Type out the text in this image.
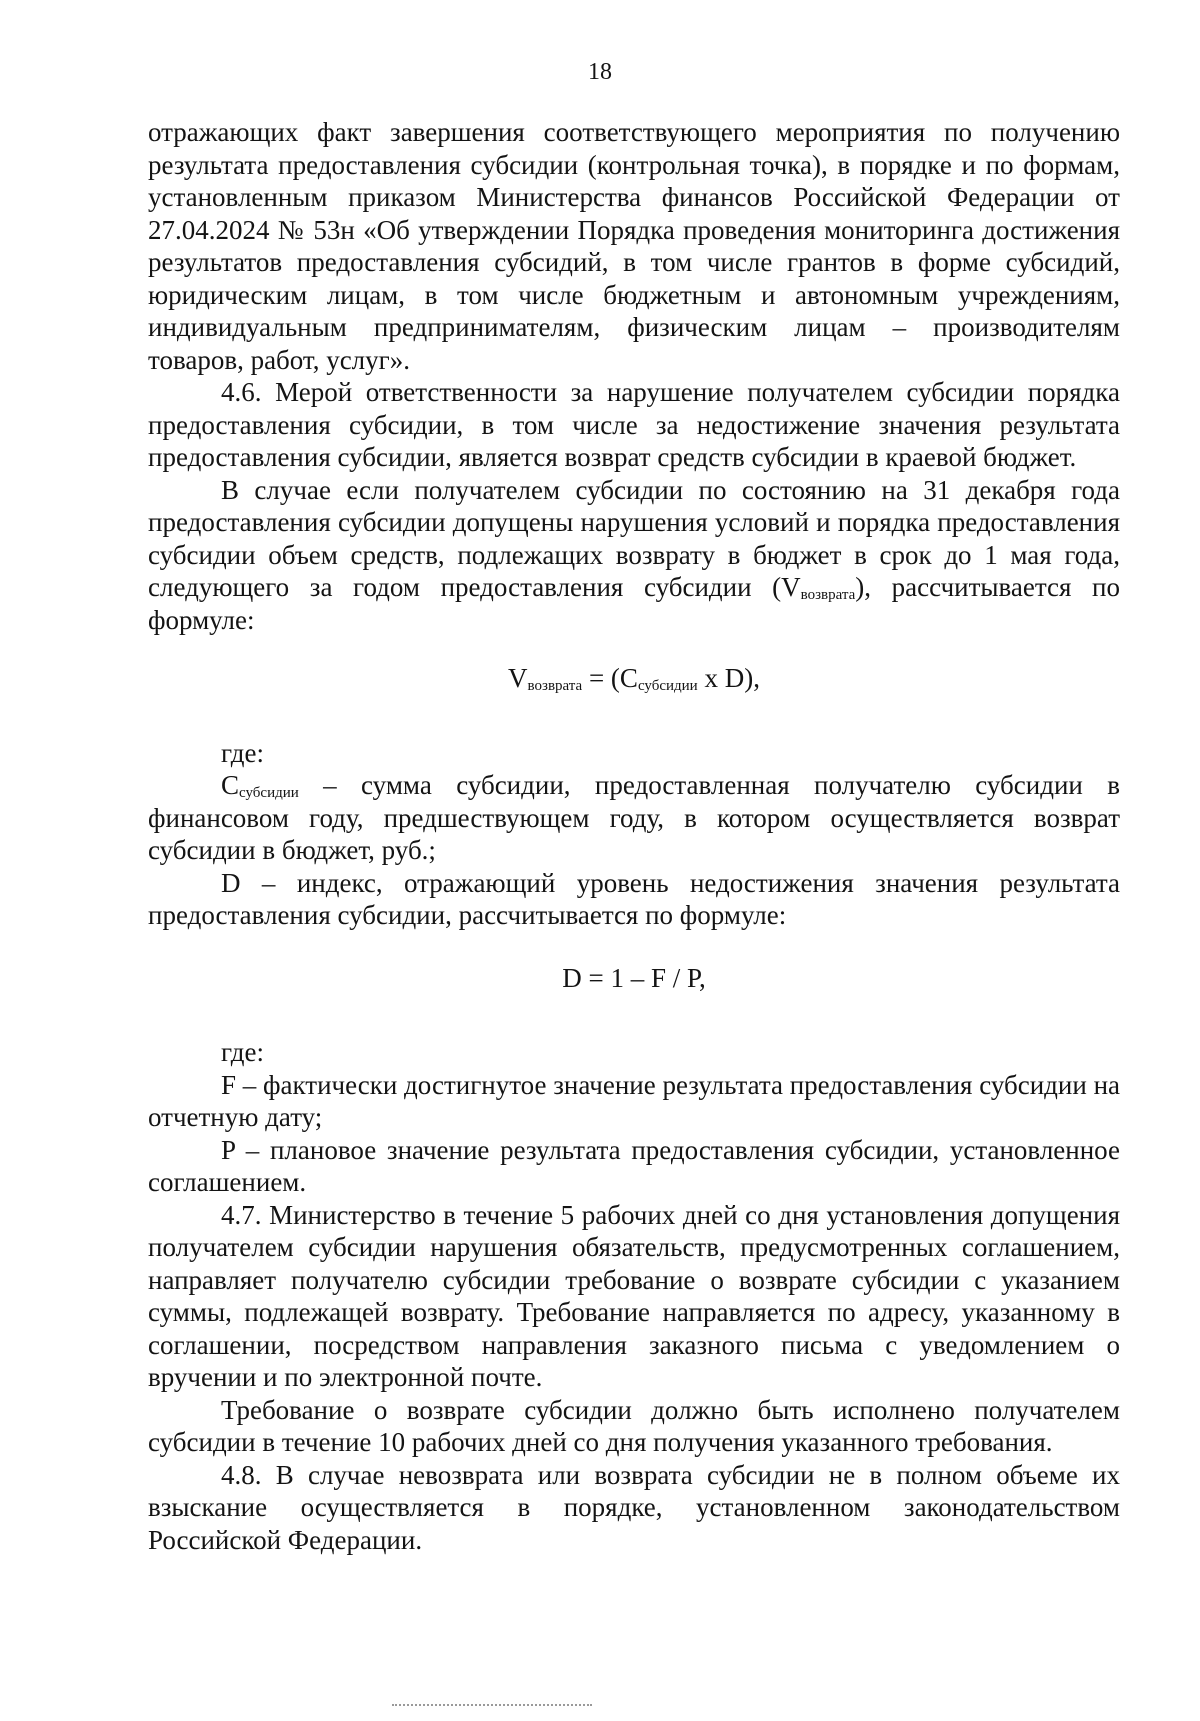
18

отражающих факт завершения соответствующего мероприятия по получению результата предоставления субсидии (контрольная точка), в порядке и по формам, установленным приказом Министерства финансов Российской Федерации от 27.04.2024 № 53н «Об утверждении Порядка проведения мониторинга достижения результатов предоставления субсидий, в том числе грантов в форме субсидий, юридическим лицам, в том числе бюджетным и автономным учреждениям, индивидуальным предпринимателям, физическим лицам – производителям товаров, работ, услуг».

4.6. Мерой ответственности за нарушение получателем субсидии порядка предоставления субсидии, в том числе за недостижение значения результата предоставления субсидии, является возврат средств субсидии в краевой бюджет.

В случае если получателем субсидии по состоянию на 31 декабря года предоставления субсидии допущены нарушения условий и порядка предоставления субсидии объем средств, подлежащих возврату в бюджет в срок до 1 мая года, следующего за годом предоставления субсидии $(V_{возврата})$, рассчитывается по формуле:

$V_{возврата} = (C_{субсидии}$ x D),

где:

$C_{субсидии}$ – сумма субсидии, предоставленная получателю субсидии в финансовом году, предшествующем году, в котором осуществляется возврат субсидии в бюджет, руб.;

D – индекс, отражающий уровень недостижения значения результата предоставления субсидии, рассчитывается по формуле:

D = 1 – F / P,

где:

F – фактически достигнутое значение результата предоставления субсидии на отчетную дату;

P – плановое значение результата предоставления субсидии, установленное соглашением.

4.7. Министерство в течение 5 рабочих дней со дня установления допущения получателем субсидии нарушения обязательств, предусмотренных соглашением, направляет получателю субсидии требование о возврате субсидии с указанием суммы, подлежащей возврату. Требование направляется по адресу, указанному в соглашении, посредством направления заказного письма с уведомлением о вручении и по электронной почте.

Требование о возврате субсидии должно быть исполнено получателем субсидии в течение 10 рабочих дней со дня получения указанного требования.

4.8. В случае невозврата или возврата субсидии не в полном объеме их взыскание осуществляется в порядке, установленном законодательством Российской Федерации.
